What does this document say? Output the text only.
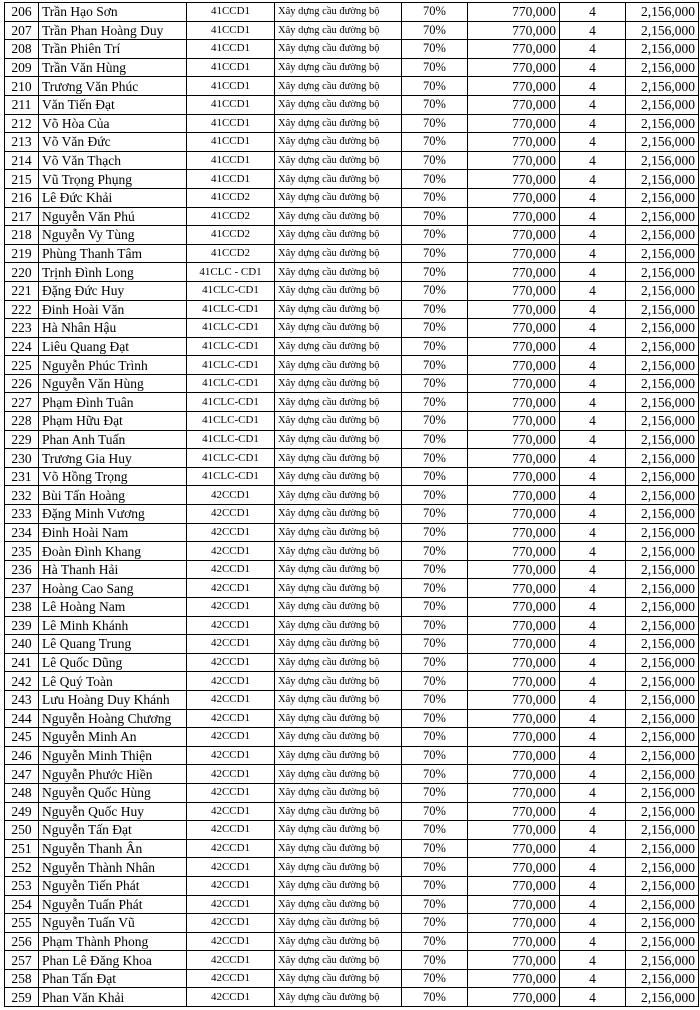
206	Trần Hạo Sơn	41CCD1	Xây dựng cầu đường bộ	70%	770,000	4	2,156,000
207	Trần Phan Hoàng Duy	41CCD1	Xây dựng cầu đường bộ	70%	770,000	4	2,156,000
208	Trần Phiên Trí	41CCD1	Xây dựng cầu đường bộ	70%	770,000	4	2,156,000
209	Trần Văn Hùng	41CCD1	Xây dựng cầu đường bộ	70%	770,000	4	2,156,000
210	Trương Văn Phúc	41CCD1	Xây dựng cầu đường bộ	70%	770,000	4	2,156,000
211	Văn Tiến Đạt	41CCD1	Xây dựng cầu đường bộ	70%	770,000	4	2,156,000
212	Võ Hòa Của	41CCD1	Xây dựng cầu đường bộ	70%	770,000	4	2,156,000
213	Võ Văn Đức	41CCD1	Xây dựng cầu đường bộ	70%	770,000	4	2,156,000
214	Võ Văn Thạch	41CCD1	Xây dựng cầu đường bộ	70%	770,000	4	2,156,000
215	Vũ Trọng Phụng	41CCD1	Xây dựng cầu đường bộ	70%	770,000	4	2,156,000
216	Lê Đức Khải	41CCD2	Xây dựng cầu đường bộ	70%	770,000	4	2,156,000
217	Nguyễn Văn Phú	41CCD2	Xây dựng cầu đường bộ	70%	770,000	4	2,156,000
218	Nguyễn Vy Tùng	41CCD2	Xây dựng cầu đường bộ	70%	770,000	4	2,156,000
219	Phùng Thanh Tâm	41CCD2	Xây dựng cầu đường bộ	70%	770,000	4	2,156,000
220	Trịnh Đình Long	41CLC - CD1	Xây dựng cầu đường bộ	70%	770,000	4	2,156,000
221	Đặng Đức Huy	41CLC-CD1	Xây dựng cầu đường bộ	70%	770,000	4	2,156,000
222	Đinh Hoài Văn	41CLC-CD1	Xây dựng cầu đường bộ	70%	770,000	4	2,156,000
223	Hà Nhân Hậu	41CLC-CD1	Xây dựng cầu đường bộ	70%	770,000	4	2,156,000
224	Liêu Quang Đạt	41CLC-CD1	Xây dựng cầu đường bộ	70%	770,000	4	2,156,000
225	Nguyễn Phúc Trình	41CLC-CD1	Xây dựng cầu đường bộ	70%	770,000	4	2,156,000
226	Nguyễn Văn Hùng	41CLC-CD1	Xây dựng cầu đường bộ	70%	770,000	4	2,156,000
227	Phạm Đình Tuân	41CLC-CD1	Xây dựng cầu đường bộ	70%	770,000	4	2,156,000
228	Phạm Hữu Đạt	41CLC-CD1	Xây dựng cầu đường bộ	70%	770,000	4	2,156,000
229	Phan Anh Tuấn	41CLC-CD1	Xây dựng cầu đường bộ	70%	770,000	4	2,156,000
230	Trương Gia Huy	41CLC-CD1	Xây dựng cầu đường bộ	70%	770,000	4	2,156,000
231	Võ Hồng Trọng	41CLC-CD1	Xây dựng cầu đường bộ	70%	770,000	4	2,156,000
232	Bùi Tấn Hoàng	42CCD1	Xây dựng cầu đường bộ	70%	770,000	4	2,156,000
233	Đặng Minh Vương	42CCD1	Xây dựng cầu đường bộ	70%	770,000	4	2,156,000
234	Đinh Hoài Nam	42CCD1	Xây dựng cầu đường bộ	70%	770,000	4	2,156,000
235	Đoàn Đình Khang	42CCD1	Xây dựng cầu đường bộ	70%	770,000	4	2,156,000
236	Hà Thanh Hải	42CCD1	Xây dựng cầu đường bộ	70%	770,000	4	2,156,000
237	Hoàng Cao Sang	42CCD1	Xây dựng cầu đường bộ	70%	770,000	4	2,156,000
238	Lê Hoàng Nam	42CCD1	Xây dựng cầu đường bộ	70%	770,000	4	2,156,000
239	Lê Minh Khánh	42CCD1	Xây dựng cầu đường bộ	70%	770,000	4	2,156,000
240	Lê Quang Trung	42CCD1	Xây dựng cầu đường bộ	70%	770,000	4	2,156,000
241	Lê Quốc Dũng	42CCD1	Xây dựng cầu đường bộ	70%	770,000	4	2,156,000
242	Lê Quý Toàn	42CCD1	Xây dựng cầu đường bộ	70%	770,000	4	2,156,000
243	Lưu Hoàng Duy Khánh	42CCD1	Xây dựng cầu đường bộ	70%	770,000	4	2,156,000
244	Nguyễn Hoàng Chương	42CCD1	Xây dựng cầu đường bộ	70%	770,000	4	2,156,000
245	Nguyễn Minh An	42CCD1	Xây dựng cầu đường bộ	70%	770,000	4	2,156,000
246	Nguyễn Minh Thiện	42CCD1	Xây dựng cầu đường bộ	70%	770,000	4	2,156,000
247	Nguyễn Phước Hiền	42CCD1	Xây dựng cầu đường bộ	70%	770,000	4	2,156,000
248	Nguyễn Quốc Hùng	42CCD1	Xây dựng cầu đường bộ	70%	770,000	4	2,156,000
249	Nguyễn Quốc Huy	42CCD1	Xây dựng cầu đường bộ	70%	770,000	4	2,156,000
250	Nguyễn Tấn Đạt	42CCD1	Xây dựng cầu đường bộ	70%	770,000	4	2,156,000
251	Nguyễn Thanh Ân	42CCD1	Xây dựng cầu đường bộ	70%	770,000	4	2,156,000
252	Nguyễn Thành Nhân	42CCD1	Xây dựng cầu đường bộ	70%	770,000	4	2,156,000
253	Nguyễn Tiến Phát	42CCD1	Xây dựng cầu đường bộ	70%	770,000	4	2,156,000
254	Nguyễn Tuấn Phát	42CCD1	Xây dựng cầu đường bộ	70%	770,000	4	2,156,000
255	Nguyễn Tuấn Vũ	42CCD1	Xây dựng cầu đường bộ	70%	770,000	4	2,156,000
256	Phạm Thành Phong	42CCD1	Xây dựng cầu đường bộ	70%	770,000	4	2,156,000
257	Phan Lê Đăng Khoa	42CCD1	Xây dựng cầu đường bộ	70%	770,000	4	2,156,000
258	Phan Tấn Đạt	42CCD1	Xây dựng cầu đường bộ	70%	770,000	4	2,156,000
259	Phan Văn Khải	42CCD1	Xây dựng cầu đường bộ	70%	770,000	4	2,156,000
